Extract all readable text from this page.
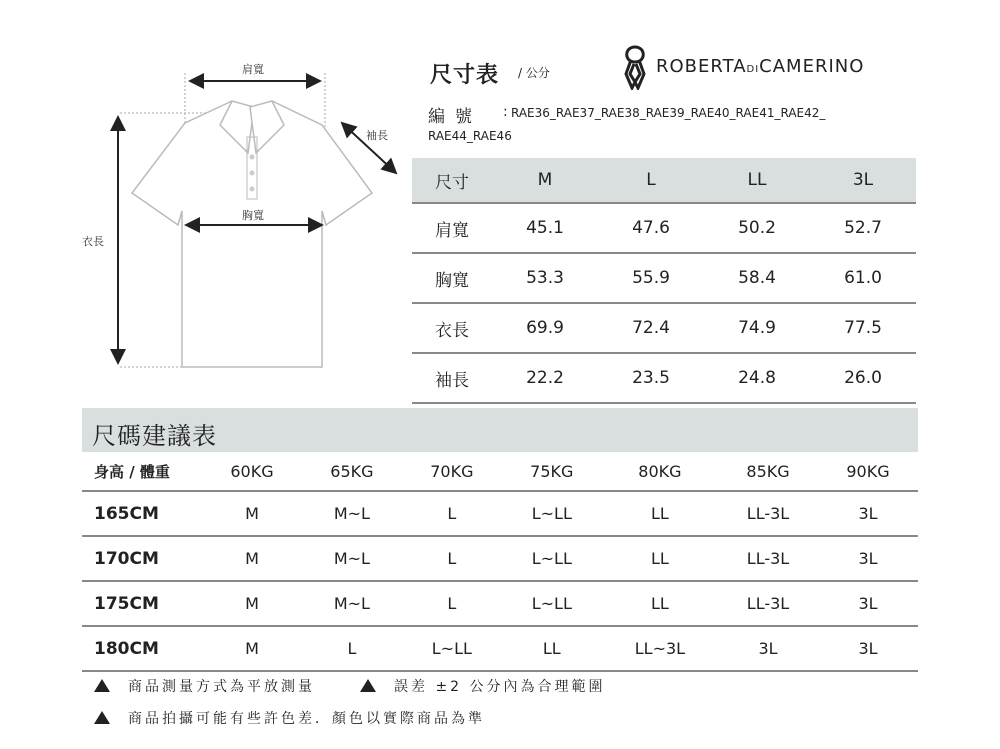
肩寬
袖長
胸寬
衣長
尺寸表 / 公分	ROBERTADICAMERINO
編號 : RAE36_RAE37_RAE38_RAE39_RAE40_RAE41_RAE42_
RAE44_RAE46
尺寸	M	L	LL	3L
肩寬	45.1	47.6	50.2	52.7
胸寬	53.3	55.9	58.4	61.0
衣長	69.9	72.4	74.9	77.5
袖長	22.2	23.5	24.8	26.0
尺碼建議表
身高 / 體重	60KG	65KG	70KG	75KG	80KG	85KG	90KG
165CM	M	M~L	L	L~LL	LL	LL-3L	3L
170CM	M	M~L	L	L~LL	LL	LL-3L	3L
175CM	M	M~L	L	L~LL	LL	LL-3L	3L
180CM	M	L	L~LL	LL	LL~3L	3L	3L
商品測量方式為平放測量	誤差 ±2 公分內為合理範圍
商品拍攝可能有些許色差．顏色以實際商品為準
